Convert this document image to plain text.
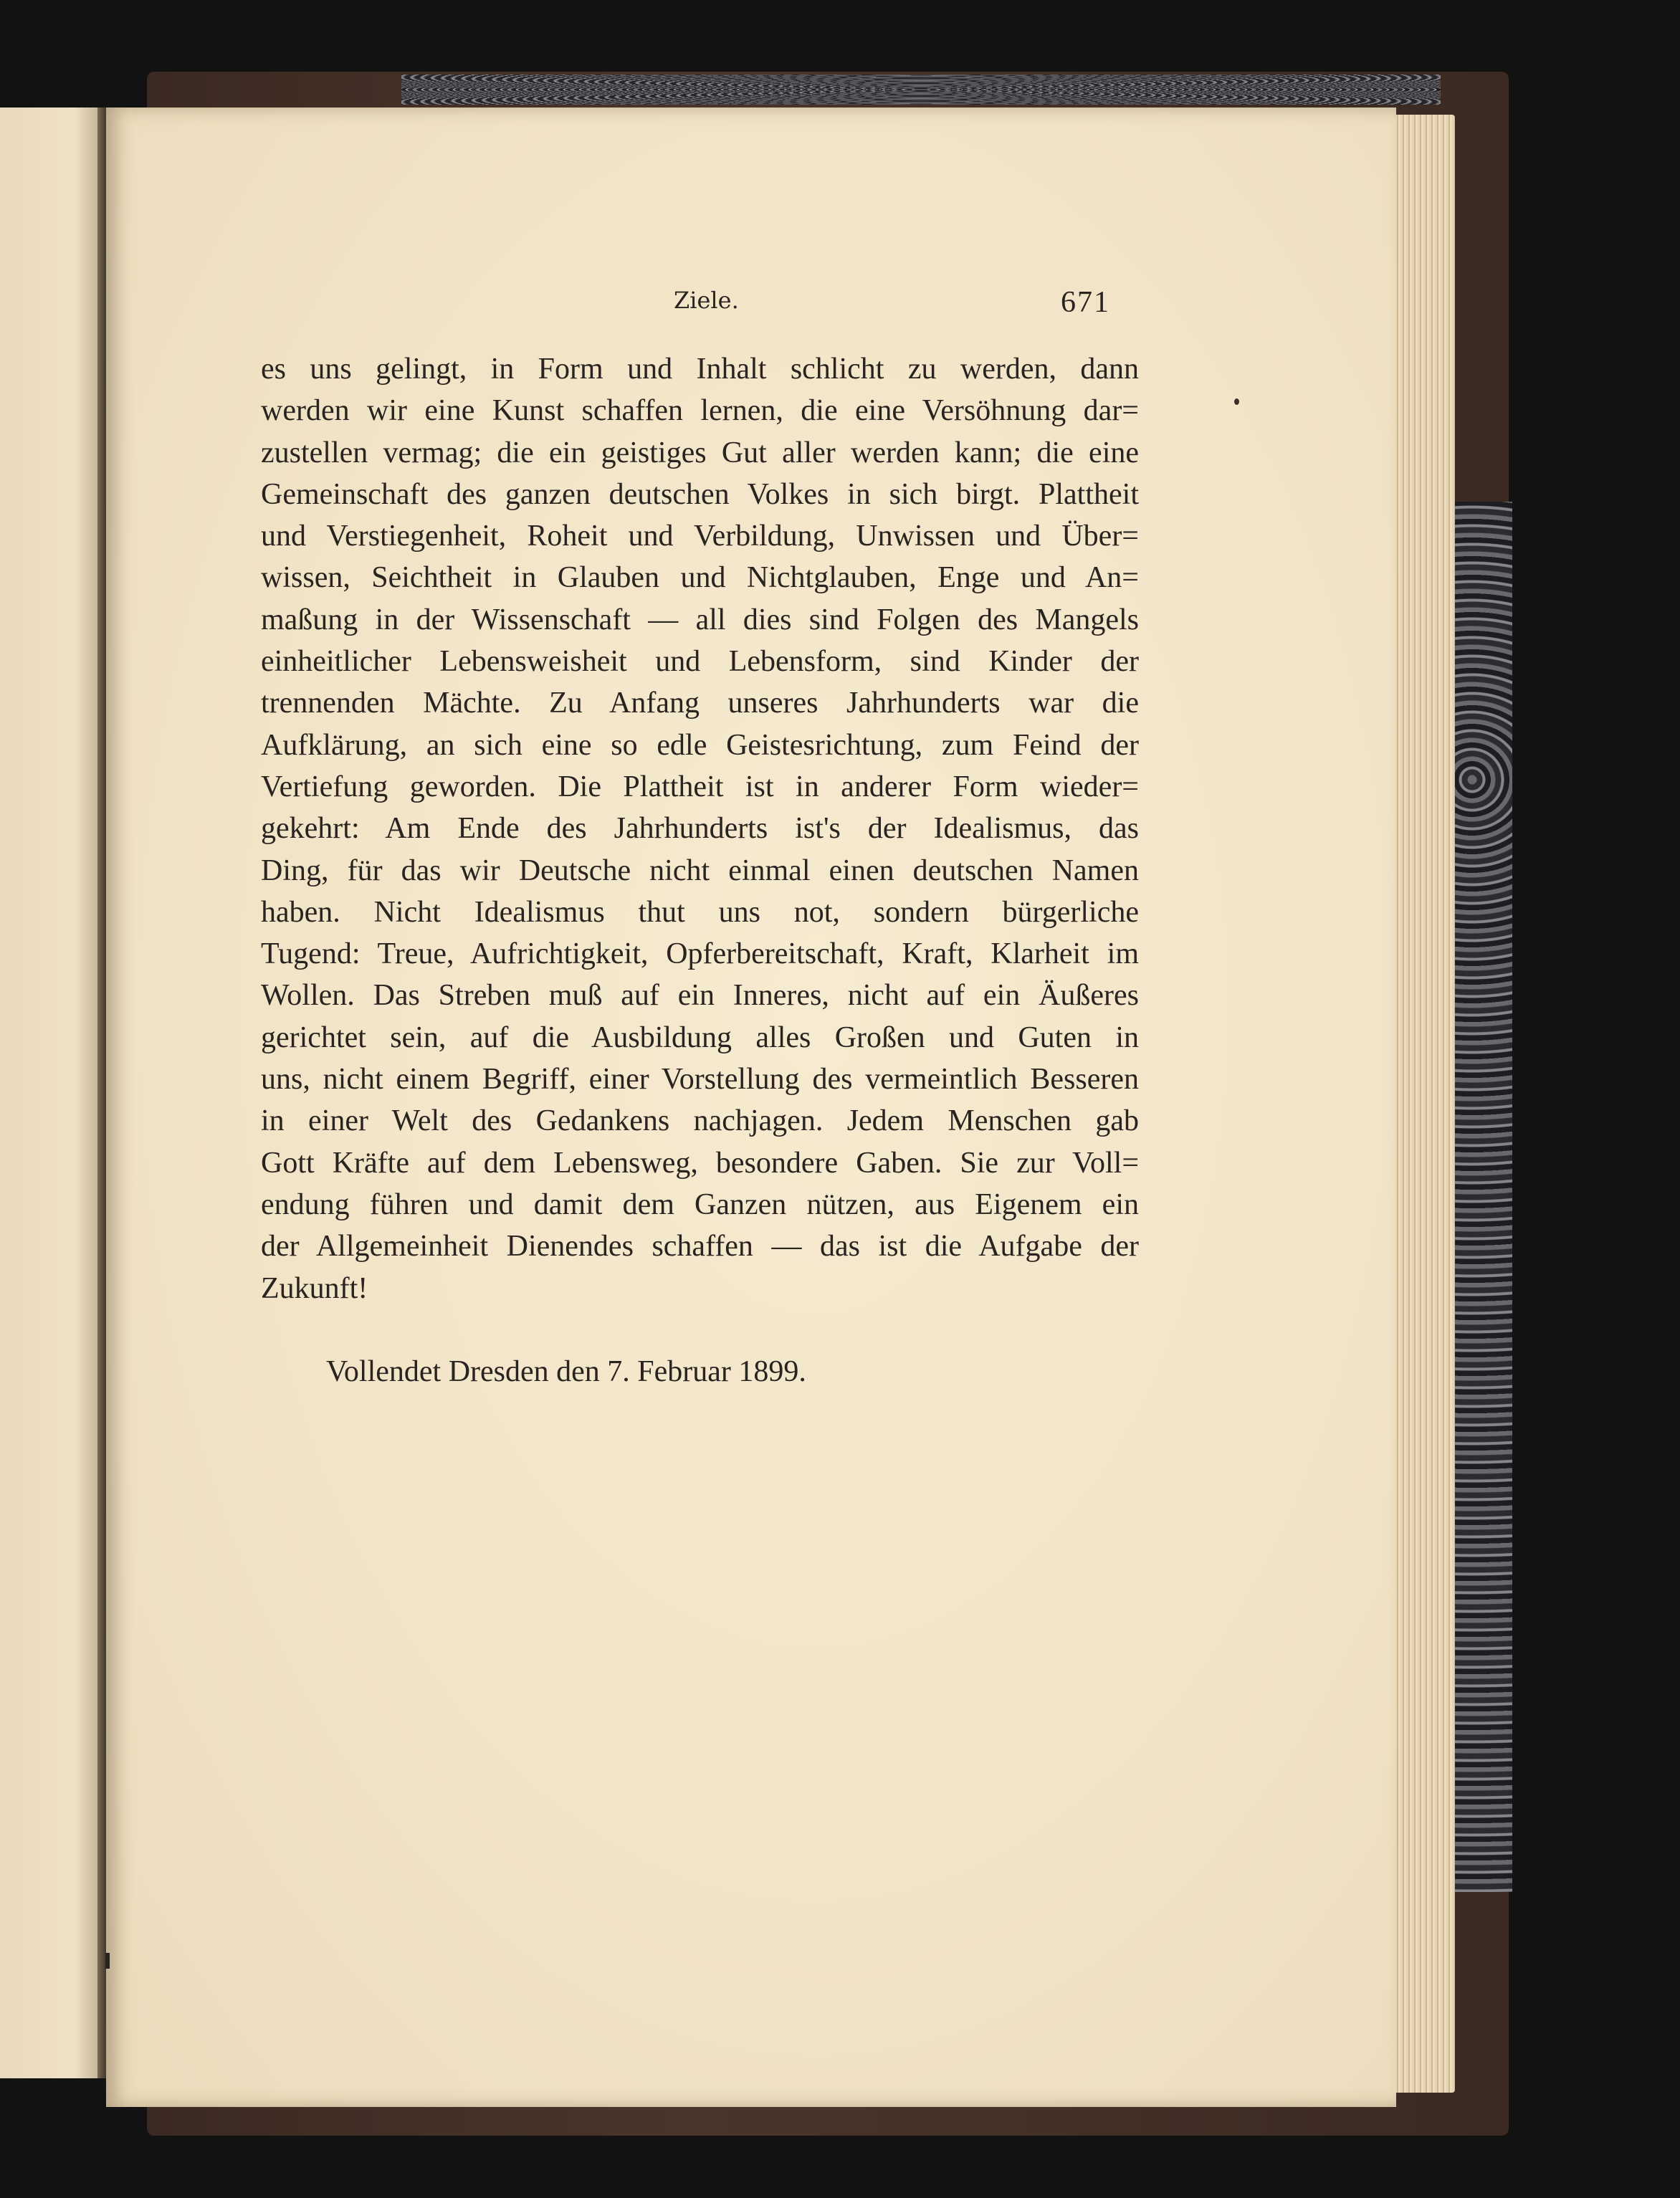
Ziele.	671
es uns gelingt, in Form und Inhalt schlicht zu werden, dann
werden wir eine Kunst schaffen lernen, die eine Versöhnung dar=
zustellen vermag; die ein geistiges Gut aller werden kann; die eine
Gemeinschaft des ganzen deutschen Volkes in sich birgt. Plattheit
und Verstiegenheit, Roheit und Verbildung, Unwissen und Über=
wissen, Seichtheit in Glauben und Nichtglauben, Enge und An=
maßung in der Wissenschaft — all dies sind Folgen des Mangels
einheitlicher Lebensweisheit und Lebensform, sind Kinder der
trennenden Mächte. Zu Anfang unseres Jahrhunderts war die
Aufklärung, an sich eine so edle Geistesrichtung, zum Feind der
Vertiefung geworden. Die Plattheit ist in anderer Form wieder=
gekehrt: Am Ende des Jahrhunderts ist's der Idealismus, das
Ding, für das wir Deutsche nicht einmal einen deutschen Namen
haben. Nicht Idealismus thut uns not, sondern bürgerliche
Tugend: Treue, Aufrichtigkeit, Opferbereitschaft, Kraft, Klarheit im
Wollen. Das Streben muß auf ein Inneres, nicht auf ein Äußeres
gerichtet sein, auf die Ausbildung alles Großen und Guten in
uns, nicht einem Begriff, einer Vorstellung des vermeintlich Besseren
in einer Welt des Gedankens nachjagen. Jedem Menschen gab
Gott Kräfte auf dem Lebensweg, besondere Gaben. Sie zur Voll=
endung führen und damit dem Ganzen nützen, aus Eigenem ein
der Allgemeinheit Dienendes schaffen — das ist die Aufgabe der
Zukunft!
Vollendet Dresden den 7. Februar 1899.
